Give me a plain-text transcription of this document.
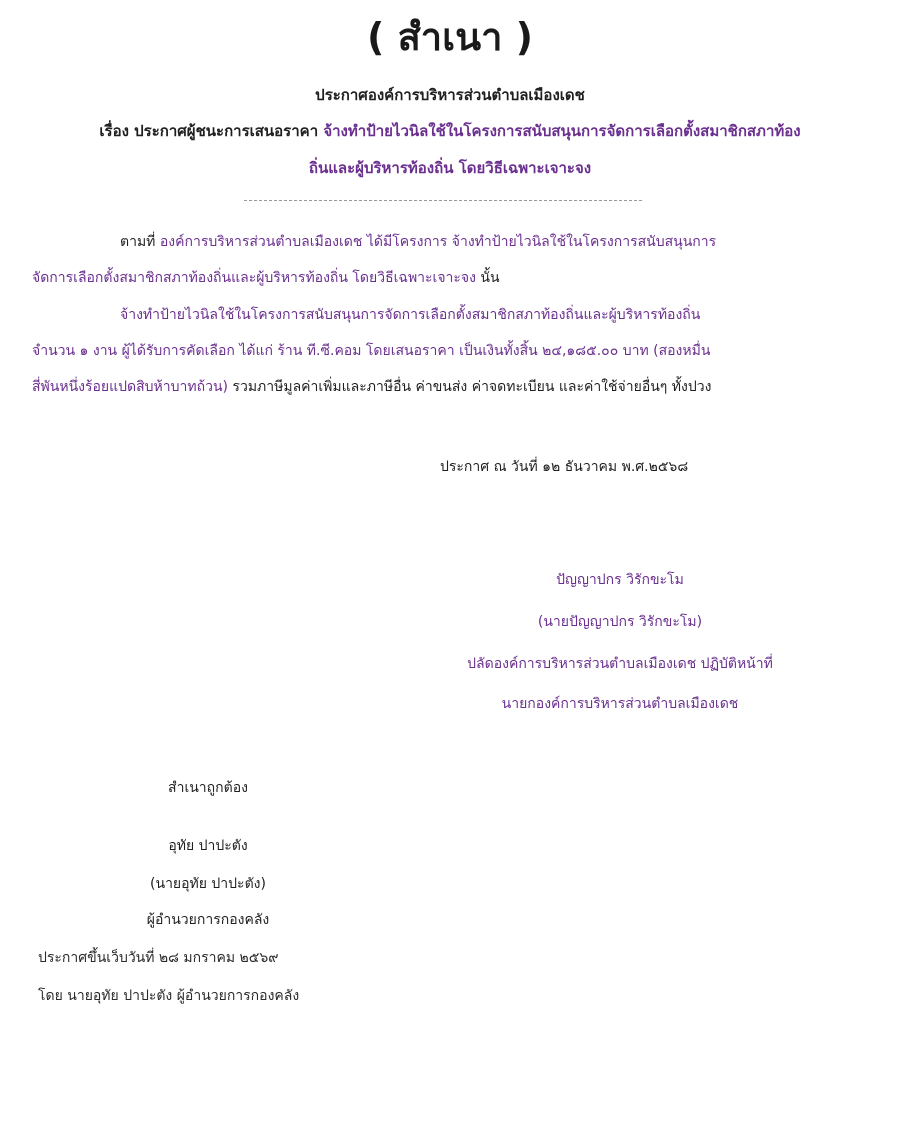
( สำเนา )
ประกาศองค์การบริหารส่วนตำบลเมืองเดช
เรื่อง ประกาศผู้ชนะการเสนอราคา จ้างทำป้ายไวนิลใช้ในโครงการสนับสนุนการจัดการเลือกตั้งสมาชิกสภาท้อง
ถิ่นและผู้บริหารท้องถิ่น โดยวิธีเฉพาะเจาะจง
ตามที่ องค์การบริหารส่วนตำบลเมืองเดช ได้มีโครงการ จ้างทำป้ายไวนิลใช้ในโครงการสนับสนุนการ
จัดการเลือกตั้งสมาชิกสภาท้องถิ่นและผู้บริหารท้องถิ่น โดยวิธีเฉพาะเจาะจง นั้น
จ้างทำป้ายไวนิลใช้ในโครงการสนับสนุนการจัดการเลือกตั้งสมาชิกสภาท้องถิ่นและผู้บริหารท้องถิ่น
จำนวน ๑ งาน ผู้ได้รับการคัดเลือก ได้แก่ ร้าน ที.ซี.คอม โดยเสนอราคา เป็นเงินทั้งสิ้น ๒๔,๑๘๕.๐๐ บาท (สองหมื่น
สี่พันหนึ่งร้อยแปดสิบห้าบาทถ้วน) รวมภาษีมูลค่าเพิ่มและภาษีอื่น ค่าขนส่ง ค่าจดทะเบียน และค่าใช้จ่ายอื่นๆ ทั้งปวง
ประกาศ ณ วันที่ ๑๒ ธันวาคม พ.ศ.๒๕๖๘
ปัญญาปกร วิรักขะโม
(นายปัญญาปกร วิรักขะโม)
ปลัดองค์การบริหารส่วนตำบลเมืองเดช ปฏิบัติหน้าที่
นายกองค์การบริหารส่วนตำบลเมืองเดช
สำเนาถูกต้อง
อุทัย ปาปะตัง
(นายอุทัย ปาปะตัง)
ผู้อำนวยการกองคลัง
ประกาศขึ้นเว็บวันที่ ๒๘ มกราคม ๒๕๖๙
โดย นายอุทัย ปาปะตัง ผู้อำนวยการกองคลัง
